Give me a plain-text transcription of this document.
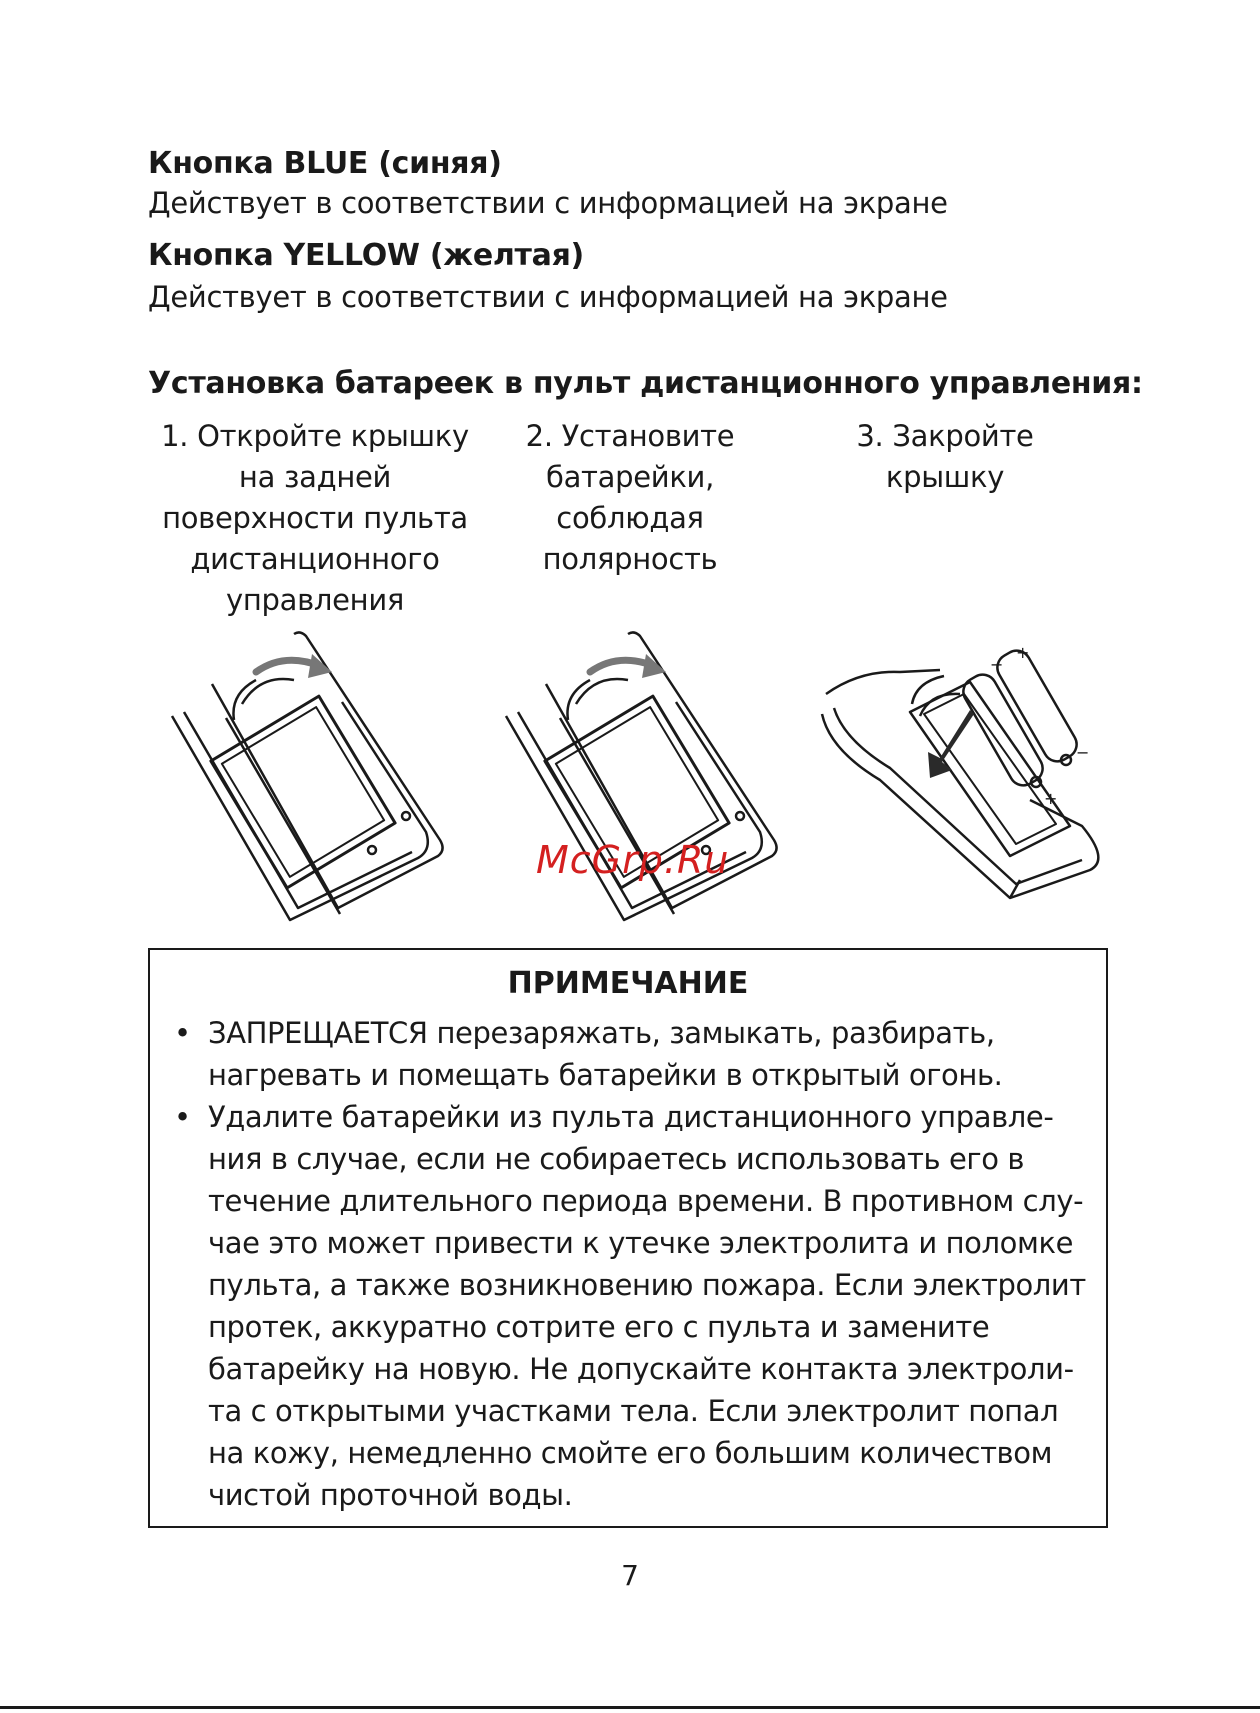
Кнопка BLUE (синяя)
Действует в соответствии с информацией на экране
Кнопка YELLOW (желтая)
Действует в соответствии с информацией на экране
Установка батареек в пульт дистанционного управления:
1. Откройте крышку
на задней
поверхности пульта
дистанционного
управления
2. Установите
батарейки,
соблюдая
полярность
3. Закройте
крышку
−
+
−
+
McGrp.Ru
ПРИМЕЧАНИЕ
• ЗАПРЕЩАЕТСЯ перезаряжать, замыкать, разбирать,
нагревать и помещать батарейки в открытый огонь.
• Удалите батарейки из пульта дистанционного управле-
ния в случае, если не собираетесь использовать его в
течение длительного периода времени. В противном слу-
чае это может привести к утечке электролита и поломке
пульта, а также возникновению пожара. Если электролит
протек, аккуратно сотрите его с пульта и замените
батарейку на новую. Не допускайте контакта электроли-
та с открытыми участками тела. Если электролит попал
на кожу, немедленно смойте его большим количеством
чистой проточной воды.
7
